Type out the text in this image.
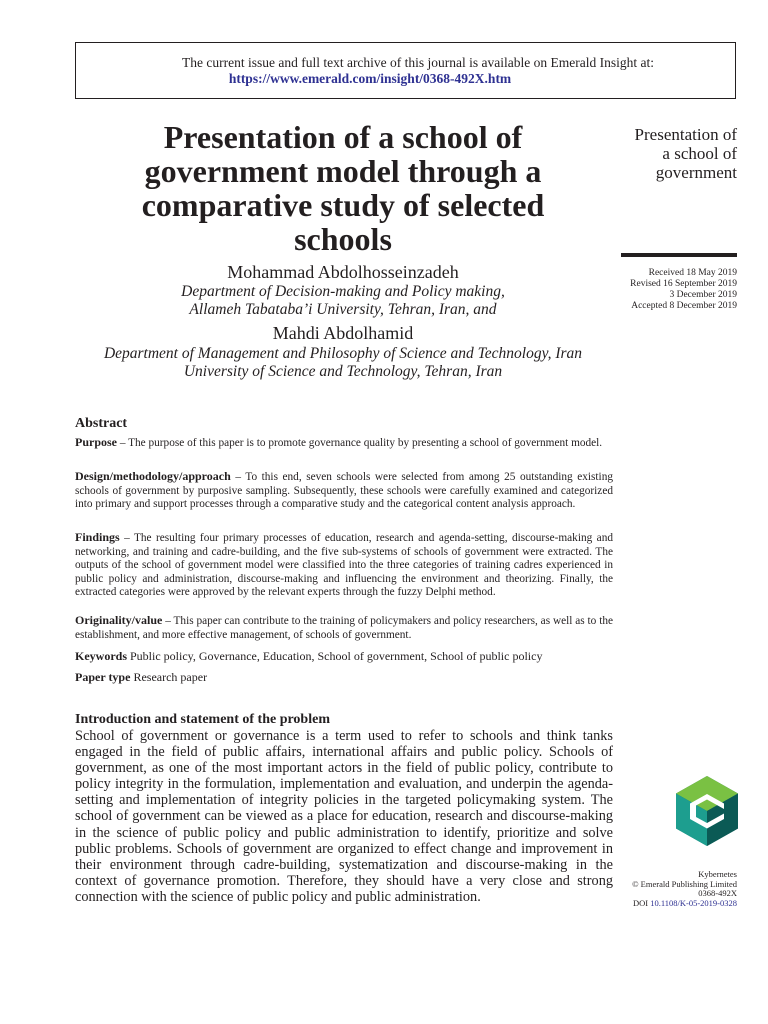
The current issue and full text archive of this journal is available on Emerald Insight at:
https://www.emerald.com/insight/0368-492X.htm
Presentation of a school of government model through a comparative study of selected schools
Mohammad Abdolhosseinzadeh
Department of Decision-making and Policy making,
Allameh Tabataba’i University, Tehran, Iran, and
Mahdi Abdolhamid
Department of Management and Philosophy of Science and Technology, Iran
University of Science and Technology, Tehran, Iran
Presentation of
a school of
government
Received 18 May 2019
Revised 16 September 2019
3 December 2019
Accepted 8 December 2019
Abstract
Purpose – The purpose of this paper is to promote governance quality by presenting a school of government model.
Design/methodology/approach – To this end, seven schools were selected from among 25 outstanding existing schools of government by purposive sampling. Subsequently, these schools were carefully examined and categorized into primary and support processes through a comparative study and the categorical content analysis approach.
Findings – The resulting four primary processes of education, research and agenda-setting, discourse-making and networking, and training and cadre-building, and the five sub-systems of schools of government were extracted. The outputs of the school of government model were classified into the three categories of training cadres experienced in public policy and administration, discourse-making and influencing the environment and theorizing. Finally, the extracted categories were approved by the relevant experts through the fuzzy Delphi method.
Originality/value – This paper can contribute to the training of policymakers and policy researchers, as well as to the establishment, and more effective management, of schools of government.
Keywords Public policy, Governance, Education, School of government, School of public policy
Paper type Research paper
Introduction and statement of the problem
School of government or governance is a term used to refer to schools and think tanks engaged in the field of public affairs, international affairs and public policy. Schools of government, as one of the most important actors in the field of public policy, contribute to policy integrity in the formulation, implementation and evaluation, and underpin the agenda-setting and implementation of integrity policies in the targeted policymaking system. The school of government can be viewed as a place for education, research and discourse-making in the science of public policy and public administration to identify, prioritize and solve public problems. Schools of government are organized to effect change and improvement in their environment through cadre-building, systematization and discourse-making in the context of governance promotion. Therefore, they should have a very close and strong connection with the science of public policy and public administration.
Kybernetes
© Emerald Publishing Limited
0368-492X
DOI 10.1108/K-05-2019-0328
